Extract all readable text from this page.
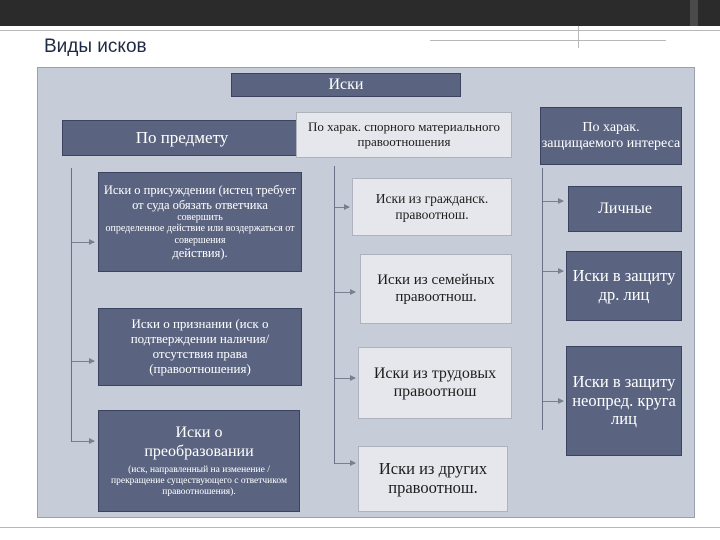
Виды исков
Иски
По предмету
Иски о присуждении (истец требует от суда обязать ответчика
совершить
определенное действие или воздержаться от совершения
действия).
Иски о признании (иск о подтверждении наличия/отсутствия права (правоотношения)
Иски о
преобразовании
(иск, направленный на изменение / прекращение существующего с ответчиком правоотношения).
По харак. спорного материального правоотношения
Иски из гражданск. правоотнош.
Иски из семейных правоотнош.
Иски из трудовых правоотнош
Иски из других правоотнош.
По харак. защищаемого интереса
Личные
Иски в защиту др. лиц
Иски в защиту неопред. круга лиц
